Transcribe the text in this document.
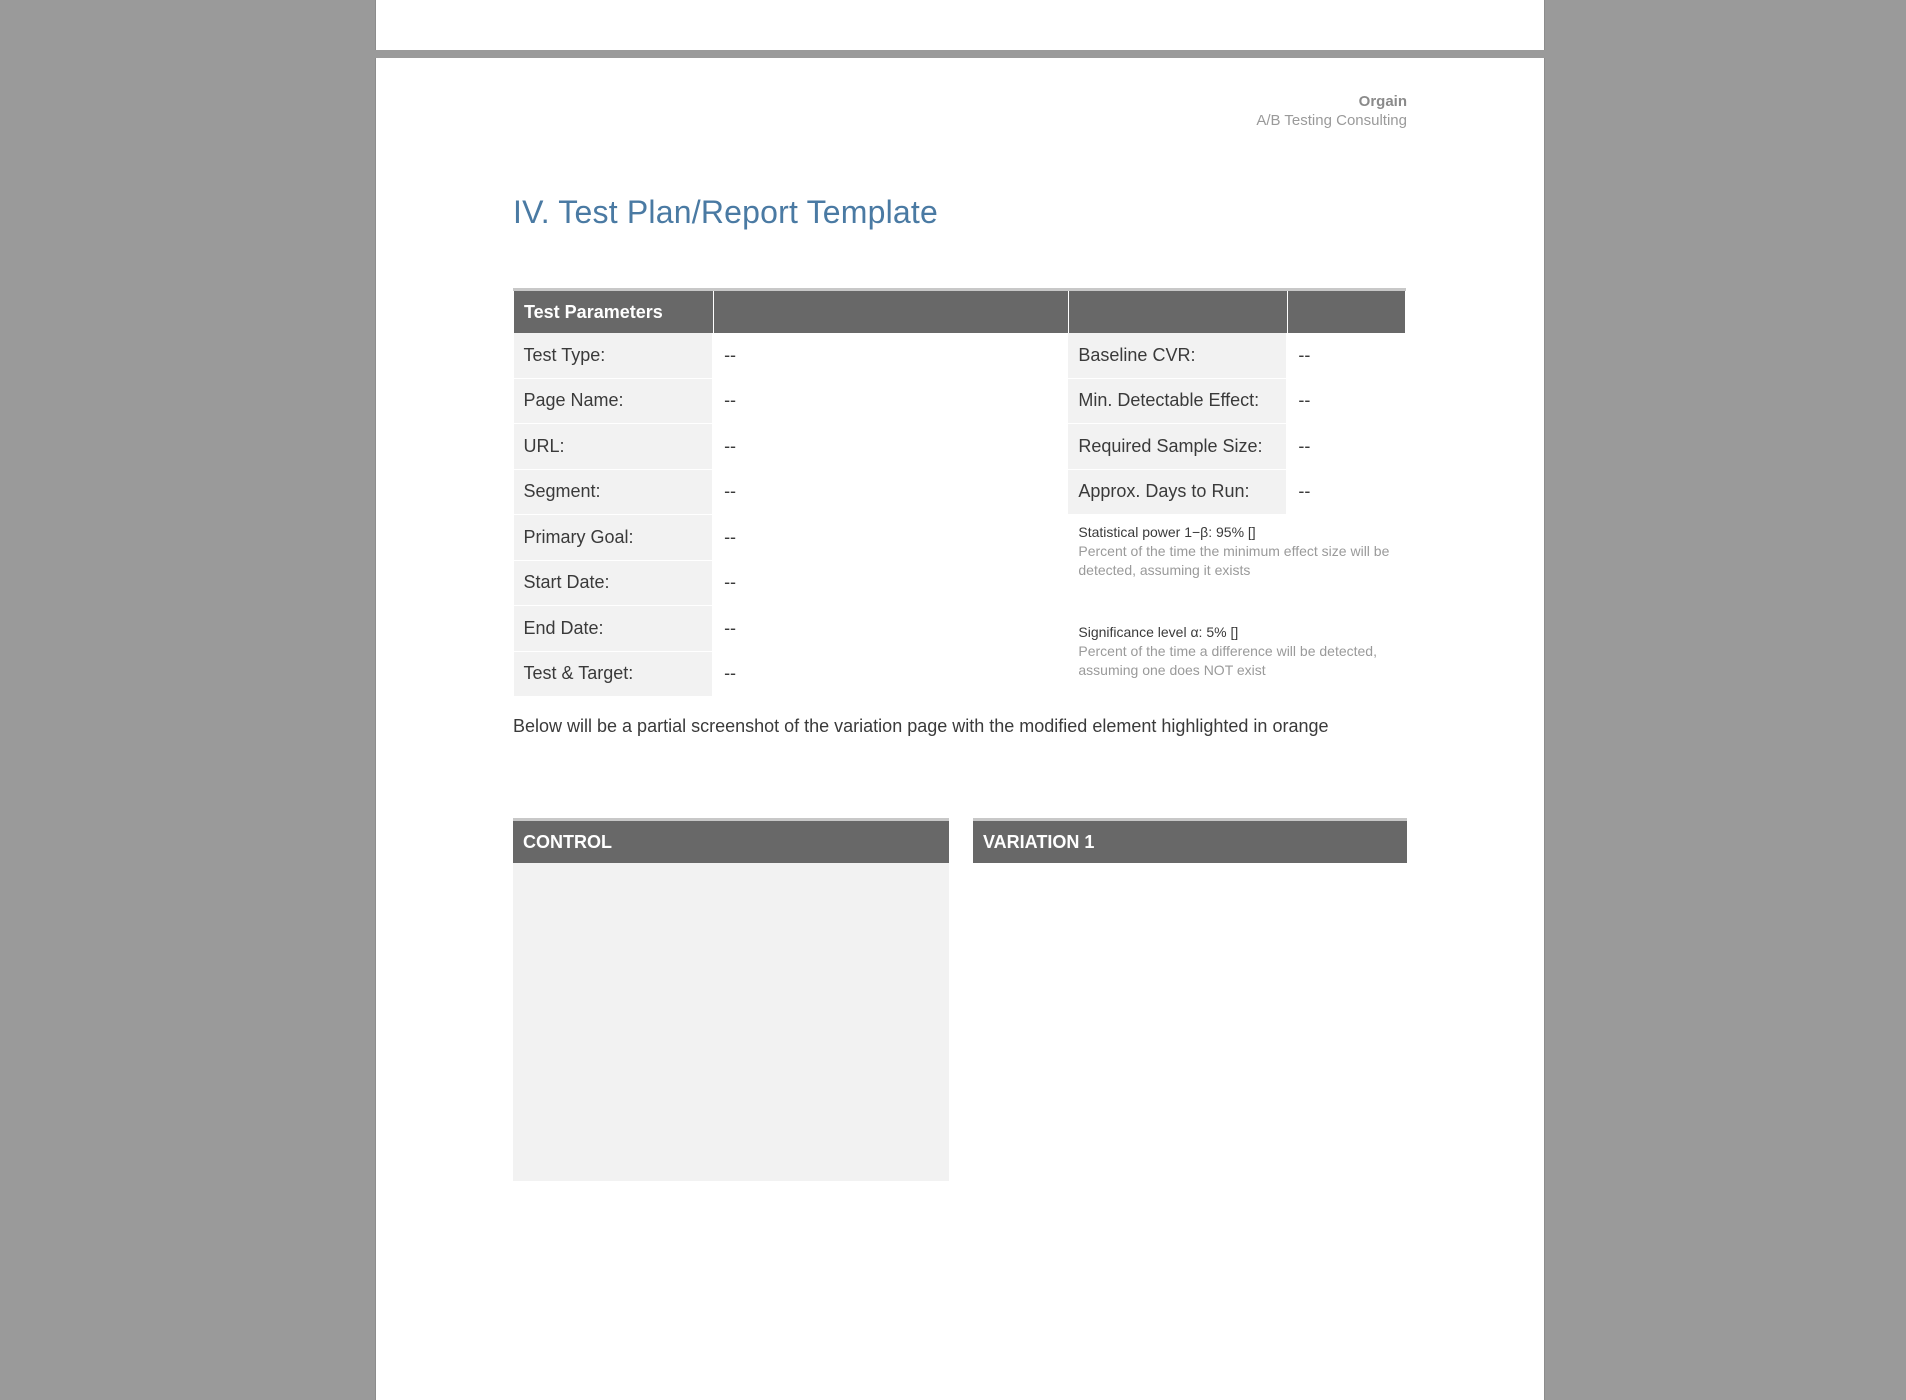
Orgain
A/B Testing Consulting
IV. Test Plan/Report Template
Test Parameters			
Test Type:	--	Baseline CVR:	--
Page Name:	--	Min. Detectable Effect:	--
URL:	--	Required Sample Size:	--
Segment:	--	Approx. Days to Run:	--
Primary Goal:	--	Statistical power 1−β: 95% []
Percent of the time the minimum effect size will be detected, assuming it exists
Significance level α: 5% []
Percent of the time a difference will be detected, assuming one does NOT exist	

Start Date:	--		
End Date:	--		
Test & Target:	--		
Below will be a partial screenshot of the variation page with the modified element highlighted in orange
CONTROL	VARIATION 1
